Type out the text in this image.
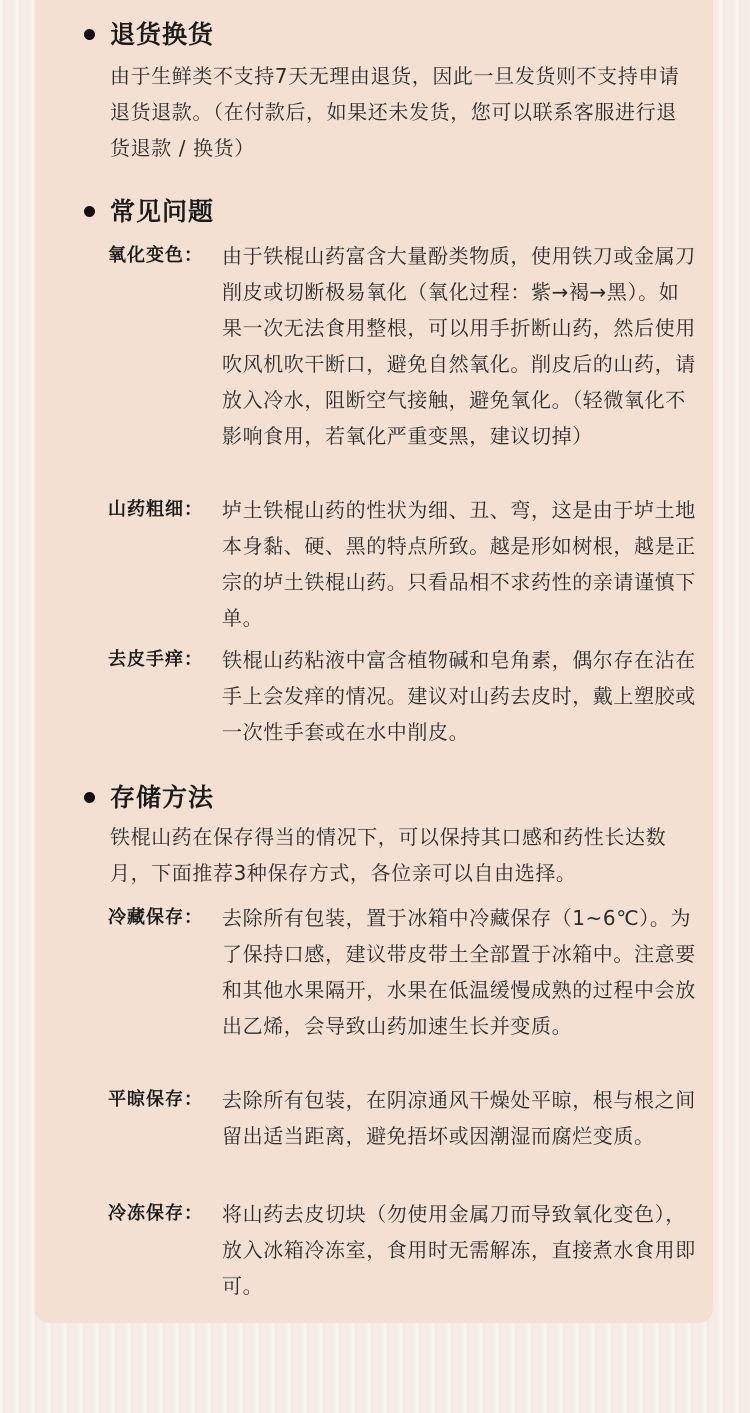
退货换货
由于生鲜类不支持7天无理由退货，因此一旦发货则不支持申请退货退款。（在付款后，如果还未发货，您可以联系客服进行退货退款 / 换货）
常见问题
氧化变色： 由于铁棍山药富含大量酚类物质，使用铁刀或金属刀削皮或切断极易氧化（氧化过程：紫→褐→黑）。如果一次无法食用整根，可以用手折断山药，然后使用吹风机吹干断口，避免自然氧化。削皮后的山药，请放入冷水，阻断空气接触，避免氧化。（轻微氧化不影响食用，若氧化严重变黑，建议切掉）
山药粗细： 垆土铁棍山药的性状为细、丑、弯，这是由于垆土地本身黏、硬、黑的特点所致。越是形如树根，越是正宗的垆土铁棍山药。只看品相不求药性的亲请谨慎下单。
去皮手痒： 铁棍山药粘液中富含植物碱和皂角素，偶尔存在沾在手上会发痒的情况。建议对山药去皮时，戴上塑胶或一次性手套或在水中削皮。
存储方法
铁棍山药在保存得当的情况下，可以保持其口感和药性长达数月，下面推荐3种保存方式，各位亲可以自由选择。
冷藏保存： 去除所有包装，置于冰箱中冷藏保存（1~6℃）。为了保持口感，建议带皮带土全部置于冰箱中。注意要和其他水果隔开，水果在低温缓慢成熟的过程中会放出乙烯，会导致山药加速生长并变质。
平晾保存： 去除所有包装，在阴凉通风干燥处平晾，根与根之间留出适当距离，避免捂坏或因潮湿而腐烂变质。
冷冻保存： 将山药去皮切块（勿使用金属刀而导致氧化变色），放入冰箱冷冻室，食用时无需解冻，直接煮水食用即可。
